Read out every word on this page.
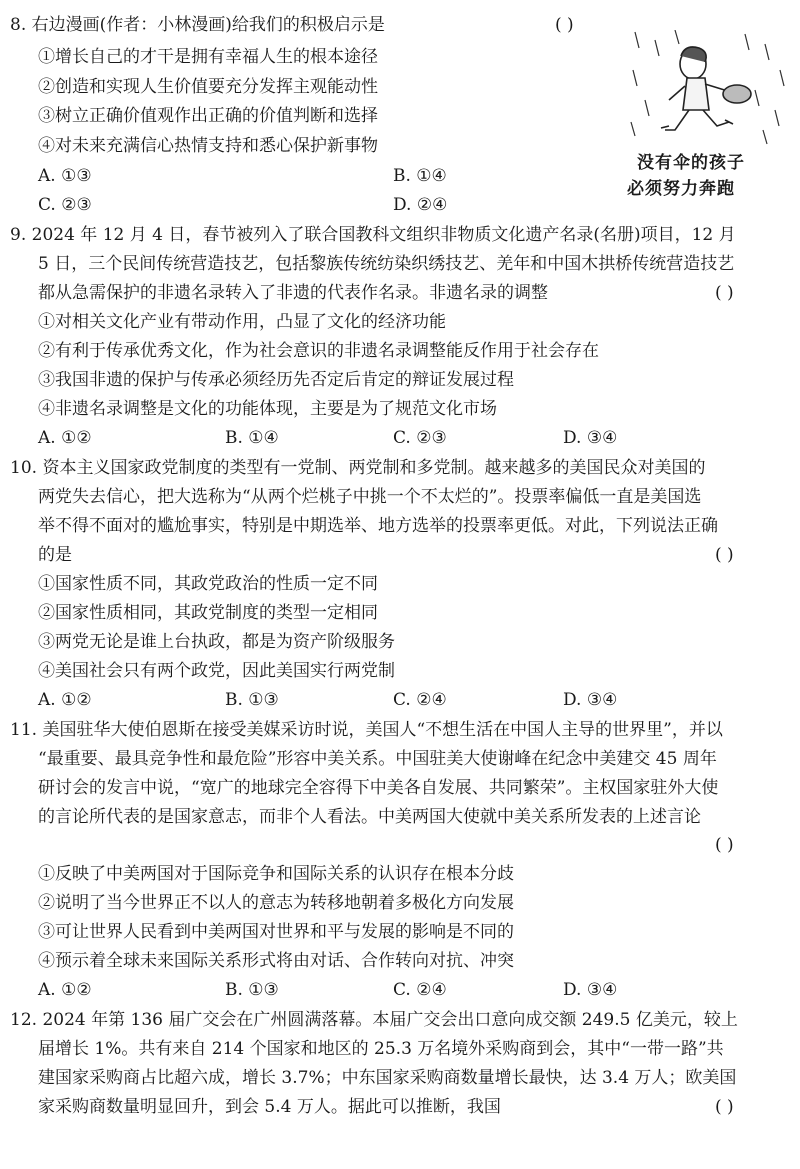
8. 右边漫画(作者：小林漫画)给我们的积极启示是	( )
①增长自己的才干是拥有幸福人生的根本途径
②创造和实现人生价值要充分发挥主观能动性
③树立正确价值观作出正确的价值判断和选择
④对未来充满信心热情支持和悉心保护新事物
A. ①③	B. ①④
C. ②③	D. ②④
没有伞的孩子
必须努力奔跑
9. 2024 年 12 月 4 日，春节被列入了联合国教科文组织非物质文化遗产名录(名册)项目，12 月
5 日，三个民间传统营造技艺，包括黎族传统纺染织绣技艺、羌年和中国木拱桥传统营造技艺
都从急需保护的非遗名录转入了非遗的代表作名录。非遗名录的调整	( )
①对相关文化产业有带动作用，凸显了文化的经济功能
②有利于传承优秀文化，作为社会意识的非遗名录调整能反作用于社会存在
③我国非遗的保护与传承必须经历先否定后肯定的辩证发展过程
④非遗名录调整是文化的功能体现，主要是为了规范文化市场
A. ①②	B. ①④	C. ②③	D. ③④
10. 资本主义国家政党制度的类型有一党制、两党制和多党制。越来越多的美国民众对美国的
两党失去信心，把大选称为“从两个烂桃子中挑一个不太烂的”。投票率偏低一直是美国选
举不得不面对的尴尬事实，特别是中期选举、地方选举的投票率更低。对此，下列说法正确
的是	( )
①国家性质不同，其政党政治的性质一定不同
②国家性质相同，其政党制度的类型一定相同
③两党无论是谁上台执政，都是为资产阶级服务
④美国社会只有两个政党，因此美国实行两党制
A. ①②	B. ①③	C. ②④	D. ③④
11. 美国驻华大使伯恩斯在接受美媒采访时说，美国人“不想生活在中国人主导的世界里”，并以
“最重要、最具竞争性和最危险”形容中美关系。中国驻美大使谢峰在纪念中美建交 45 周年
研讨会的发言中说，“宽广的地球完全容得下中美各自发展、共同繁荣”。主权国家驻外大使
的言论所代表的是国家意志，而非个人看法。中美两国大使就中美关系所发表的上述言论
( )
①反映了中美两国对于国际竞争和国际关系的认识存在根本分歧
②说明了当今世界正不以人的意志为转移地朝着多极化方向发展
③可让世界人民看到中美两国对世界和平与发展的影响是不同的
④预示着全球未来国际关系形式将由对话、合作转向对抗、冲突
A. ①②	B. ①③	C. ②④	D. ③④
12. 2024 年第 136 届广交会在广州圆满落幕。本届广交会出口意向成交额 249.5 亿美元，较上
届增长 1%。共有来自 214 个国家和地区的 25.3 万名境外采购商到会，其中“一带一路”共
建国家采购商占比超六成，增长 3.7%；中东国家采购商数量增长最快，达 3.4 万人；欧美国
家采购商数量明显回升，到会 5.4 万人。据此可以推断，我国	( )
